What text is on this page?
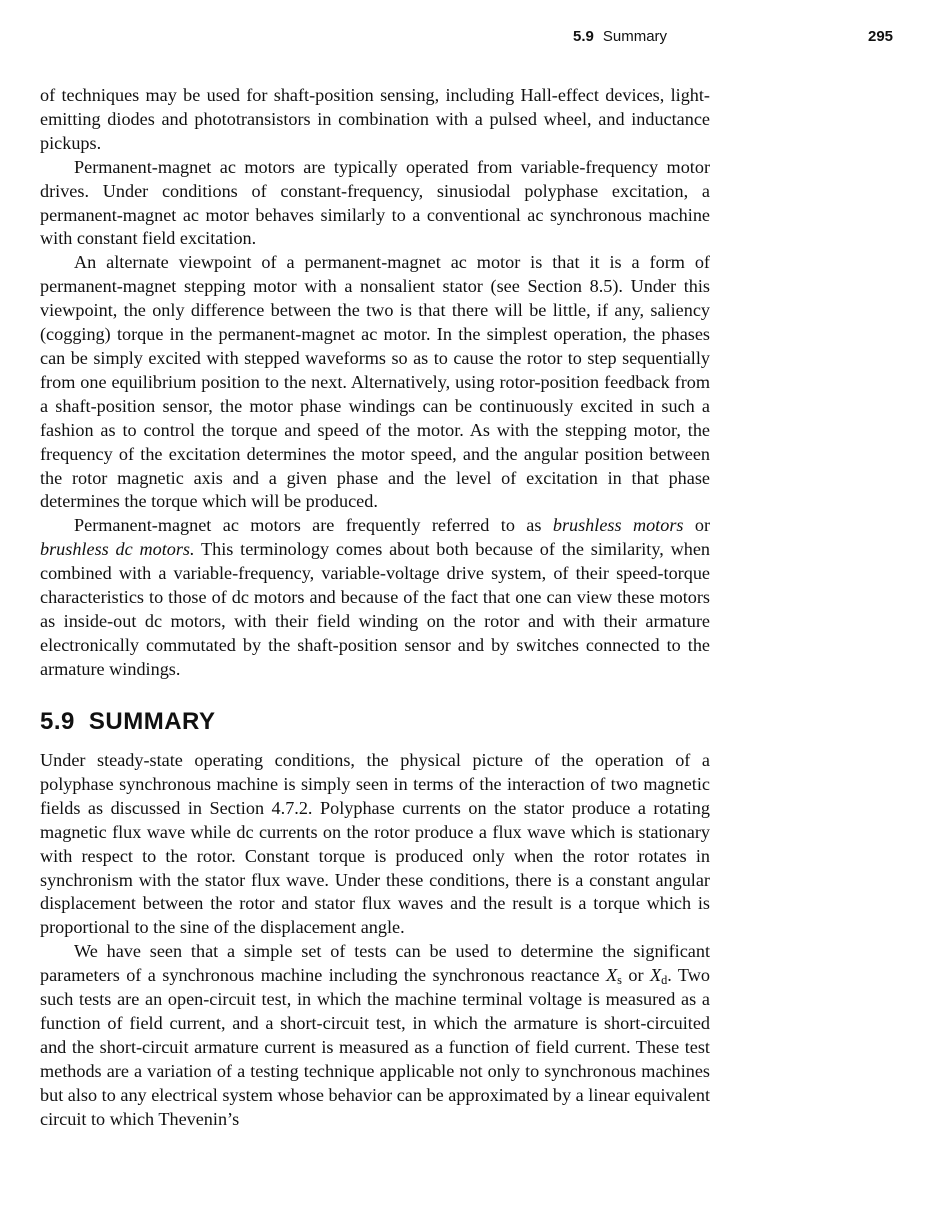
5.9 Summary	295

of techniques may be used for shaft-position sensing, including Hall-effect devices, light-emitting diodes and phototransistors in combination with a pulsed wheel, and inductance pickups.

Permanent-magnet ac motors are typically operated from variable-frequency motor drives. Under conditions of constant-frequency, sinusiodal polyphase excitation, a permanent-magnet ac motor behaves similarly to a conventional ac synchronous machine with constant field excitation.

An alternate viewpoint of a permanent-magnet ac motor is that it is a form of permanent-magnet stepping motor with a nonsalient stator (see Section 8.5). Under this viewpoint, the only difference between the two is that there will be little, if any, saliency (cogging) torque in the permanent-magnet ac motor. In the simplest operation, the phases can be simply excited with stepped waveforms so as to cause the rotor to step sequentially from one equilibrium position to the next. Alternatively, using rotor-position feedback from a shaft-position sensor, the motor phase windings can be continuously excited in such a fashion as to control the torque and speed of the motor. As with the stepping motor, the frequency of the excitation determines the motor speed, and the angular position between the rotor magnetic axis and a given phase and the level of excitation in that phase determines the torque which will be produced.

Permanent-magnet ac motors are frequently referred to as brushless motors or brushless dc motors. This terminology comes about both because of the similarity, when combined with a variable-frequency, variable-voltage drive system, of their speed-torque characteristics to those of dc motors and because of the fact that one can view these motors as inside-out dc motors, with their field winding on the rotor and with their armature electronically commutated by the shaft-position sensor and by switches connected to the armature windings.

5.9 SUMMARY

Under steady-state operating conditions, the physical picture of the operation of a polyphase synchronous machine is simply seen in terms of the interaction of two magnetic fields as discussed in Section 4.7.2. Polyphase currents on the stator produce a rotating magnetic flux wave while dc currents on the rotor produce a flux wave which is stationary with respect to the rotor. Constant torque is produced only when the rotor rotates in synchronism with the stator flux wave. Under these conditions, there is a constant angular displacement between the rotor and stator flux waves and the result is a torque which is proportional to the sine of the displacement angle.

We have seen that a simple set of tests can be used to determine the significant parameters of a synchronous machine including the synchronous reactance $X_s$ or $X_d$. Two such tests are an open-circuit test, in which the machine terminal voltage is measured as a function of field current, and a short-circuit test, in which the armature is short-circuited and the short-circuit armature current is measured as a function of field current. These test methods are a variation of a testing technique applicable not only to synchronous machines but also to any electrical system whose behavior can be approximated by a linear equivalent circuit to which Thevenin’s
